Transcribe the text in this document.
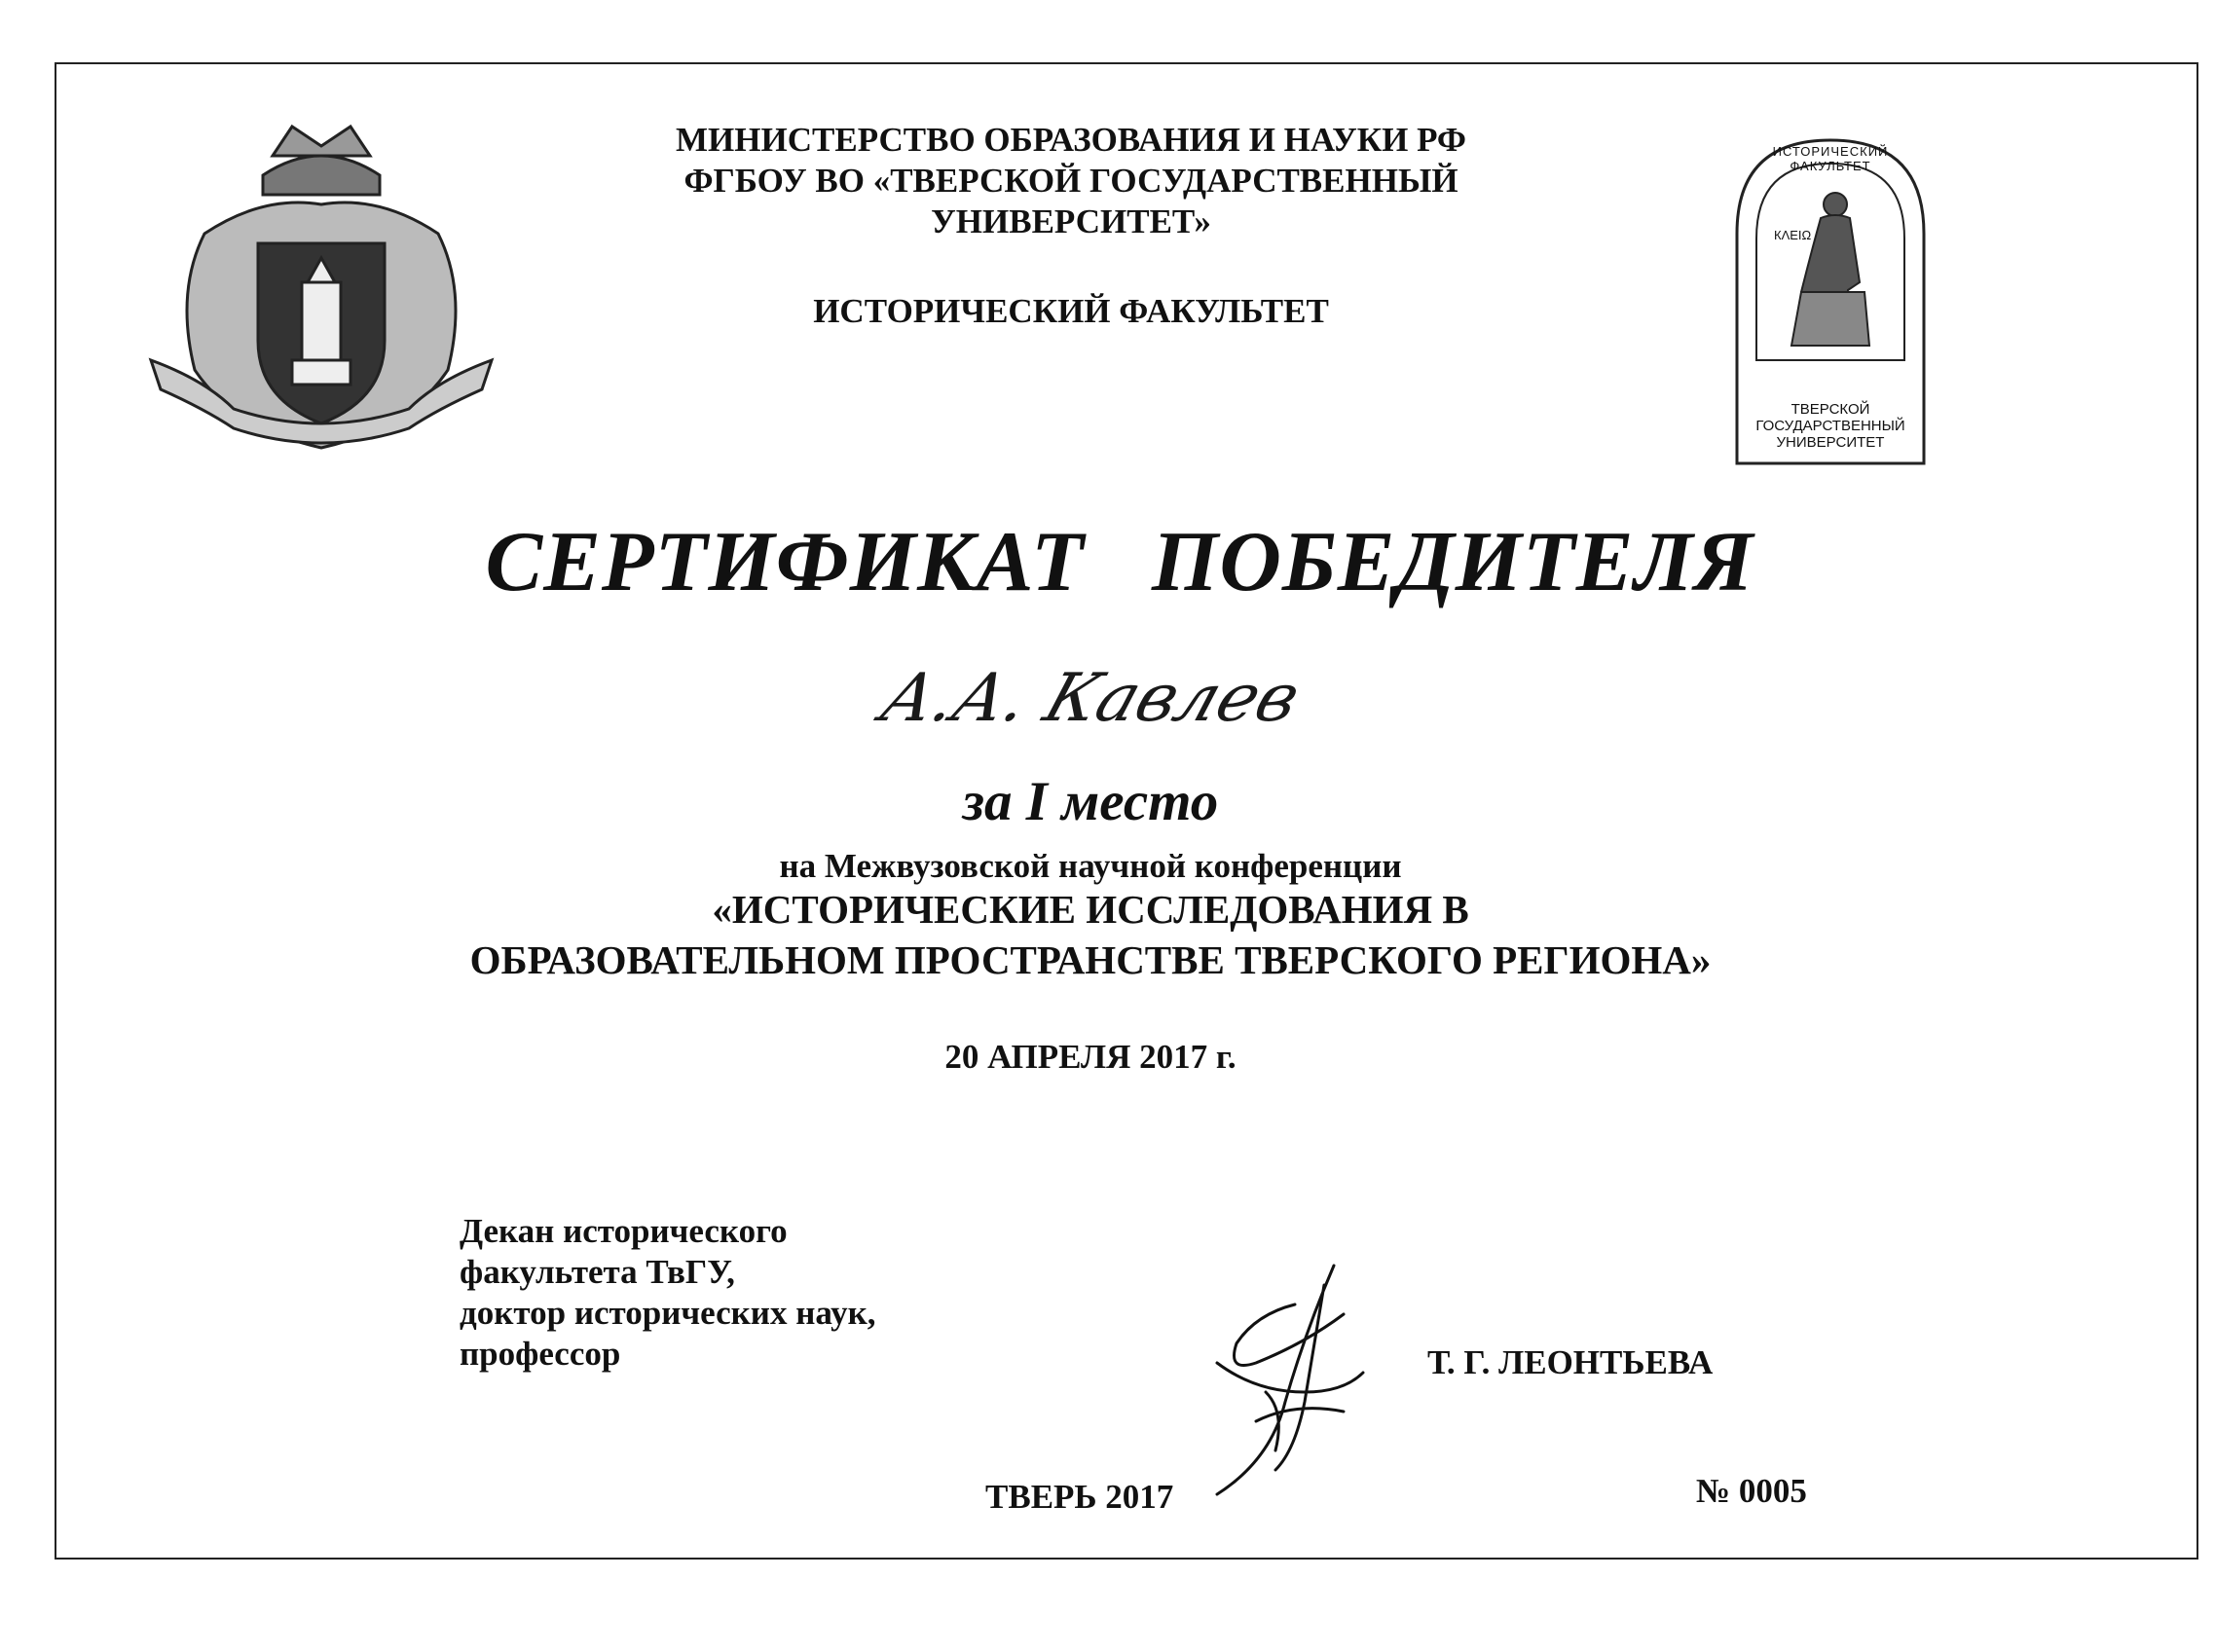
ИСТОРИЧЕСКИЙ ФАКУЛЬТЕТ
КΛΕΙΩ
ТВЕРСКОЙ
ГОСУДАРСТВЕННЫЙ
УНИВЕРСИТЕТ
МИНИСТЕРСТВО ОБРАЗОВАНИЯ И НАУКИ РФ
ФГБОУ ВО «ТВЕРСКОЙ ГОСУДАРСТВЕННЫЙ
УНИВЕРСИТЕТ»
ИСТОРИЧЕСКИЙ ФАКУЛЬТЕТ
СЕРТИФИКАТ   ПОБЕДИТЕЛЯ
А.А. Кавлев
за I место
на Межвузовской научной конференции
«ИСТОРИЧЕСКИЕ ИССЛЕДОВАНИЯ В
ОБРАЗОВАТЕЛЬНОМ ПРОСТРАНСТВЕ ТВЕРСКОГО РЕГИОНА»
20 АПРЕЛЯ 2017 г.
Декан исторического
факультета ТвГУ,
доктор исторических наук,
профессор	Т. Г. ЛЕОНТЬЕВА
ТВЕРЬ 2017	№ 0005
